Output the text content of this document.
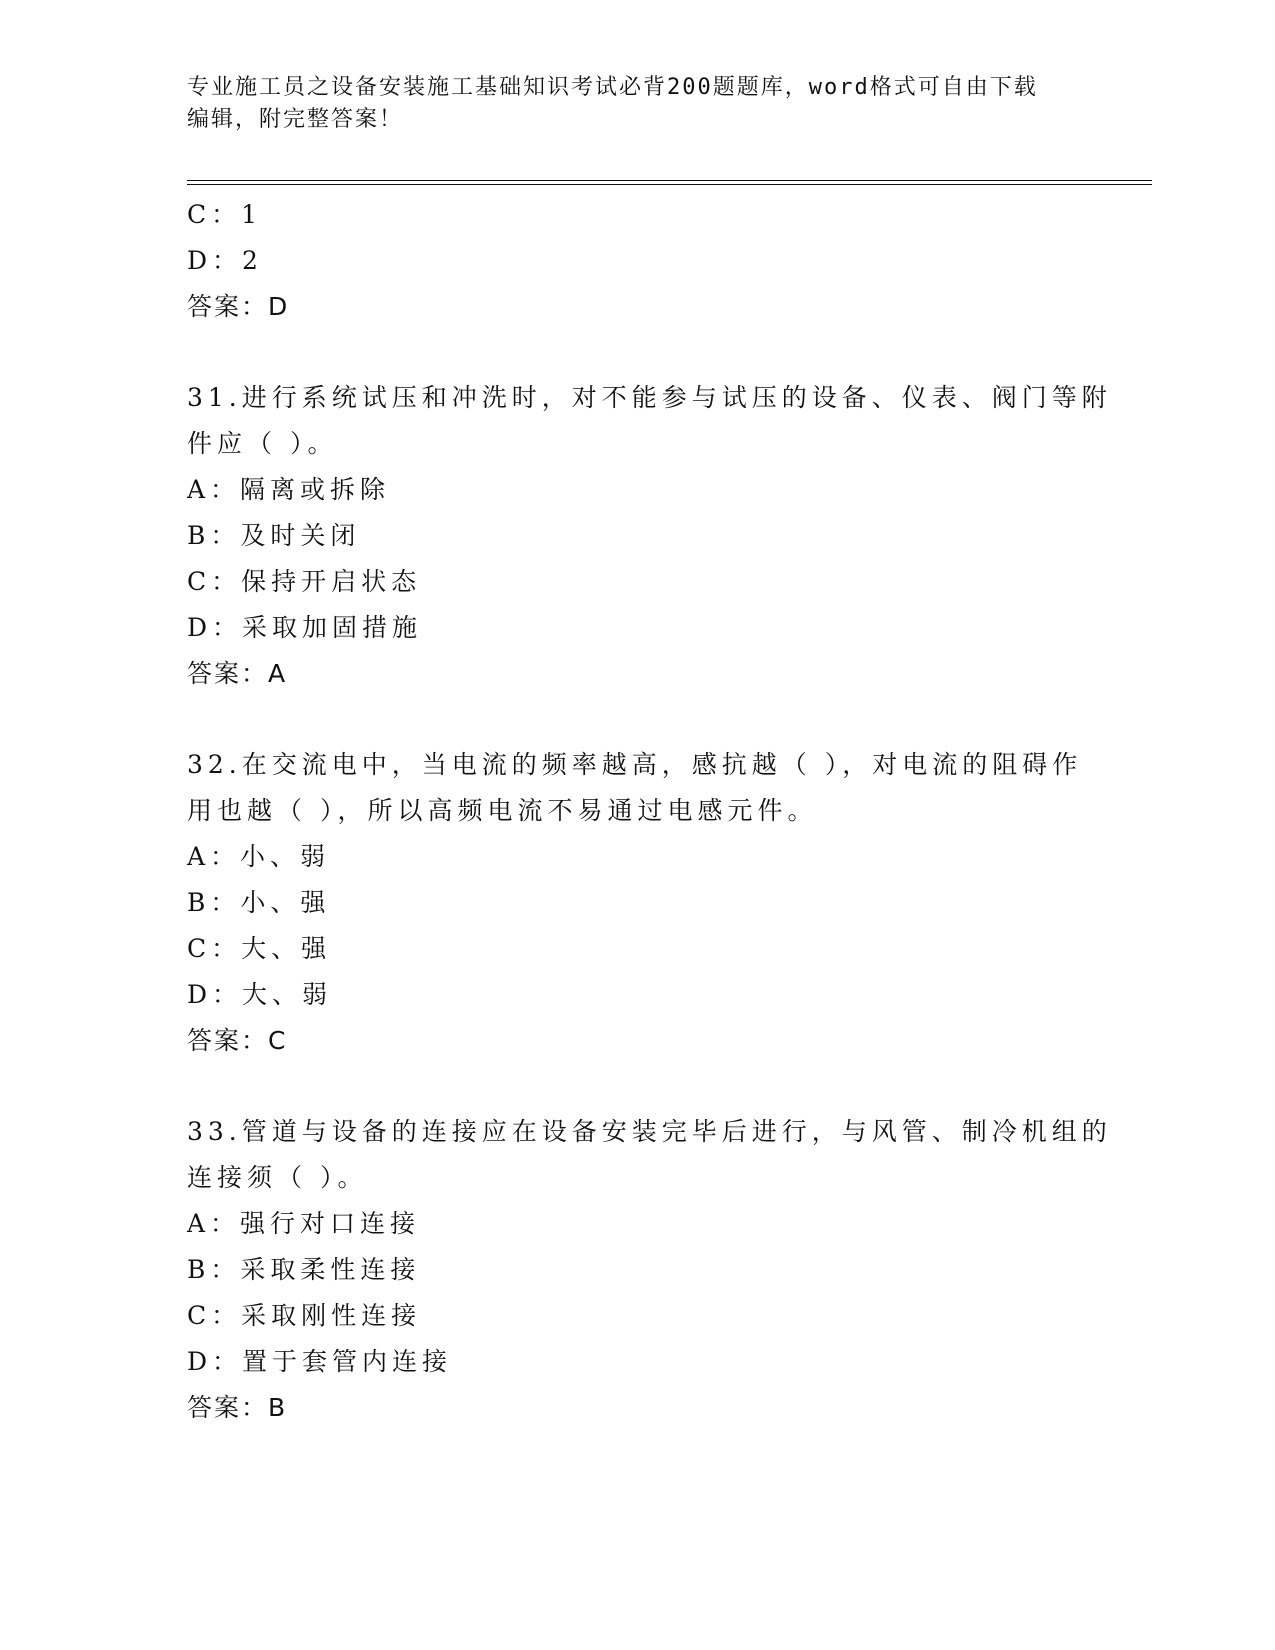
专业施工员之设备安装施工基础知识考试必背200题题库，word格式可自由下载
编辑，附完整答案！
C：1
D：2
答案：D
31.进行系统试压和冲洗时，对不能参与试压的设备、仪表、阀门等附
件应（ ）。
A：隔离或拆除
B：及时关闭
C：保持开启状态
D：采取加固措施
答案：A
32.在交流电中，当电流的频率越高，感抗越（ ），对电流的阻碍作
用也越（ ），所以高频电流不易通过电感元件。
A：小、弱
B：小、强
C：大、强
D：大、弱
答案：C
33.管道与设备的连接应在设备安装完毕后进行，与风管、制冷机组的
连接须（ ）。
A：强行对口连接
B：采取柔性连接
C：采取刚性连接
D：置于套管内连接
答案：B
